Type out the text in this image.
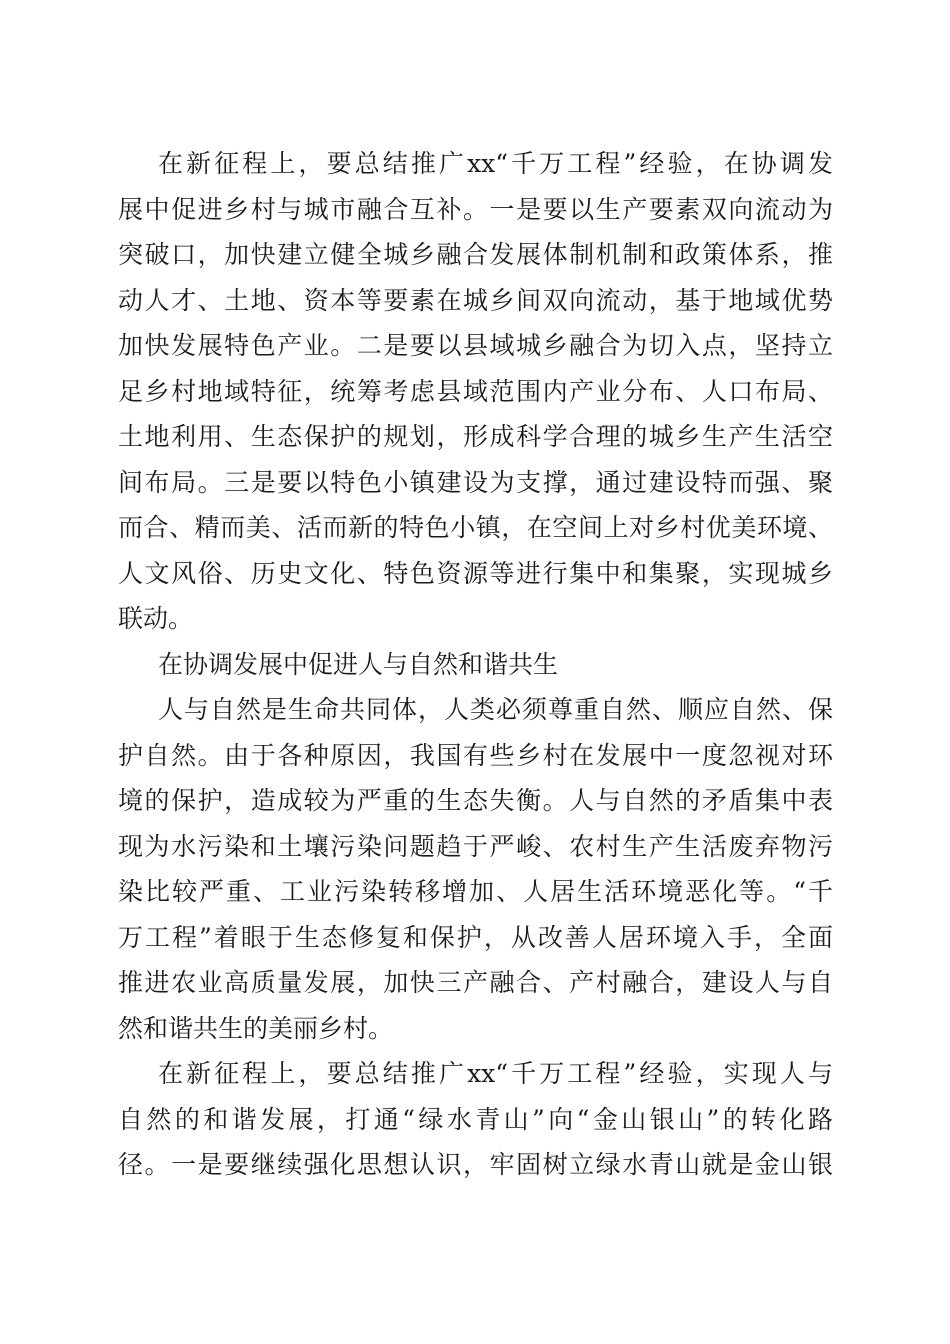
在新征程上，要总结推广xx“千万工程”经验，在协调发
展中促进乡村与城市融合互补。一是要以生产要素双向流动为
突破口，加快建立健全城乡融合发展体制机制和政策体系，推
动人才、土地、资本等要素在城乡间双向流动，基于地域优势
加快发展特色产业。二是要以县域城乡融合为切入点，坚持立
足乡村地域特征，统筹考虑县域范围内产业分布、人口布局、
土地利用、生态保护的规划，形成科学合理的城乡生产生活空
间布局。三是要以特色小镇建设为支撑，通过建设特而强、聚
而合、精而美、活而新的特色小镇，在空间上对乡村优美环境、
人文风俗、历史文化、特色资源等进行集中和集聚，实现城乡
联动。
在协调发展中促进人与自然和谐共生
人与自然是生命共同体，人类必须尊重自然、顺应自然、保
护自然。由于各种原因，我国有些乡村在发展中一度忽视对环
境的保护，造成较为严重的生态失衡。人与自然的矛盾集中表
现为水污染和土壤污染问题趋于严峻、农村生产生活废弃物污
染比较严重、工业污染转移增加、人居生活环境恶化等。“千
万工程”着眼于生态修复和保护，从改善人居环境入手，全面
推进农业高质量发展，加快三产融合、产村融合，建设人与自
然和谐共生的美丽乡村。
在新征程上，要总结推广xx“千万工程”经验，实现人与
自然的和谐发展，打通“绿水青山”向“金山银山”的转化路
径。一是要继续强化思想认识，牢固树立绿水青山就是金山银
